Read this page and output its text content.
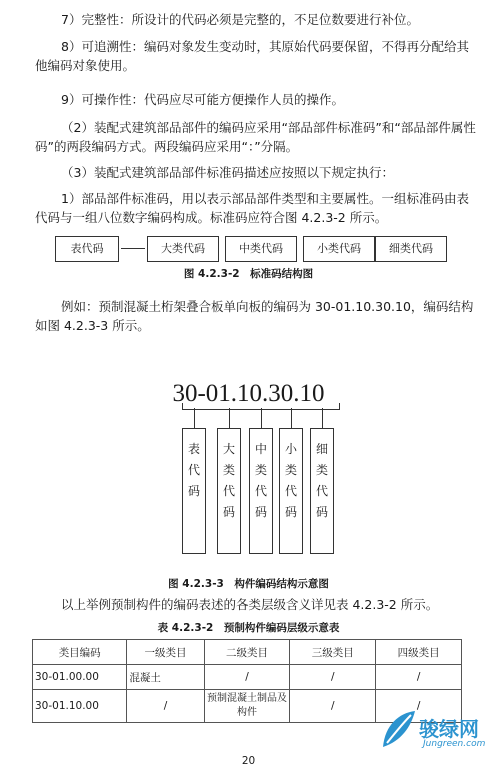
7）完整性：所设计的代码必须是完整的，不足位数要进行补位。
8）可追溯性：编码对象发生变动时，其原始代码要保留，不得再分配给其他编码对象使用。
9）可操作性：代码应尽可能方便操作人员的操作。
（2）装配式建筑部品部件的编码应采用“部品部件标准码”和“部品部件属性码”的两段编码方式。两段编码应采用“：”分隔。
（3）装配式建筑部品部件标准码描述应按照以下规定执行：
1）部品部件标准码，用以表示部品部件类型和主要属性。一组标准码由表代码与一组八位数字编码构成。标准码应符合图 4.2.3-2 所示。
表代码	大类代码	中类代码	小类代码	细类代码
图 4.2.3-2　标准码结构图
例如：预制混凝土桁架叠合板单向板的编码为 30-01.10.30.10，编码结构如图 4.2.3-3 所示。
30-01.10.30.10
表
代
码
大
类
代
码
中
类
代
码
小
类
代
码
细
类
代
码
图 4.2.3-3　构件编码结构示意图
以上举例预制构件的编码表述的各类层级含义详见表 4.2.3-2 所示。
表 4.2.3-2　预制构件编码层级示意表
类目编码	一级类目	二级类目	三级类目	四级类目
30-01.00.00	混凝土	/	/	/
30-01.10.00	/	预制混凝土制品及构件	/	/
20
骏绿网
Jungreen.com
